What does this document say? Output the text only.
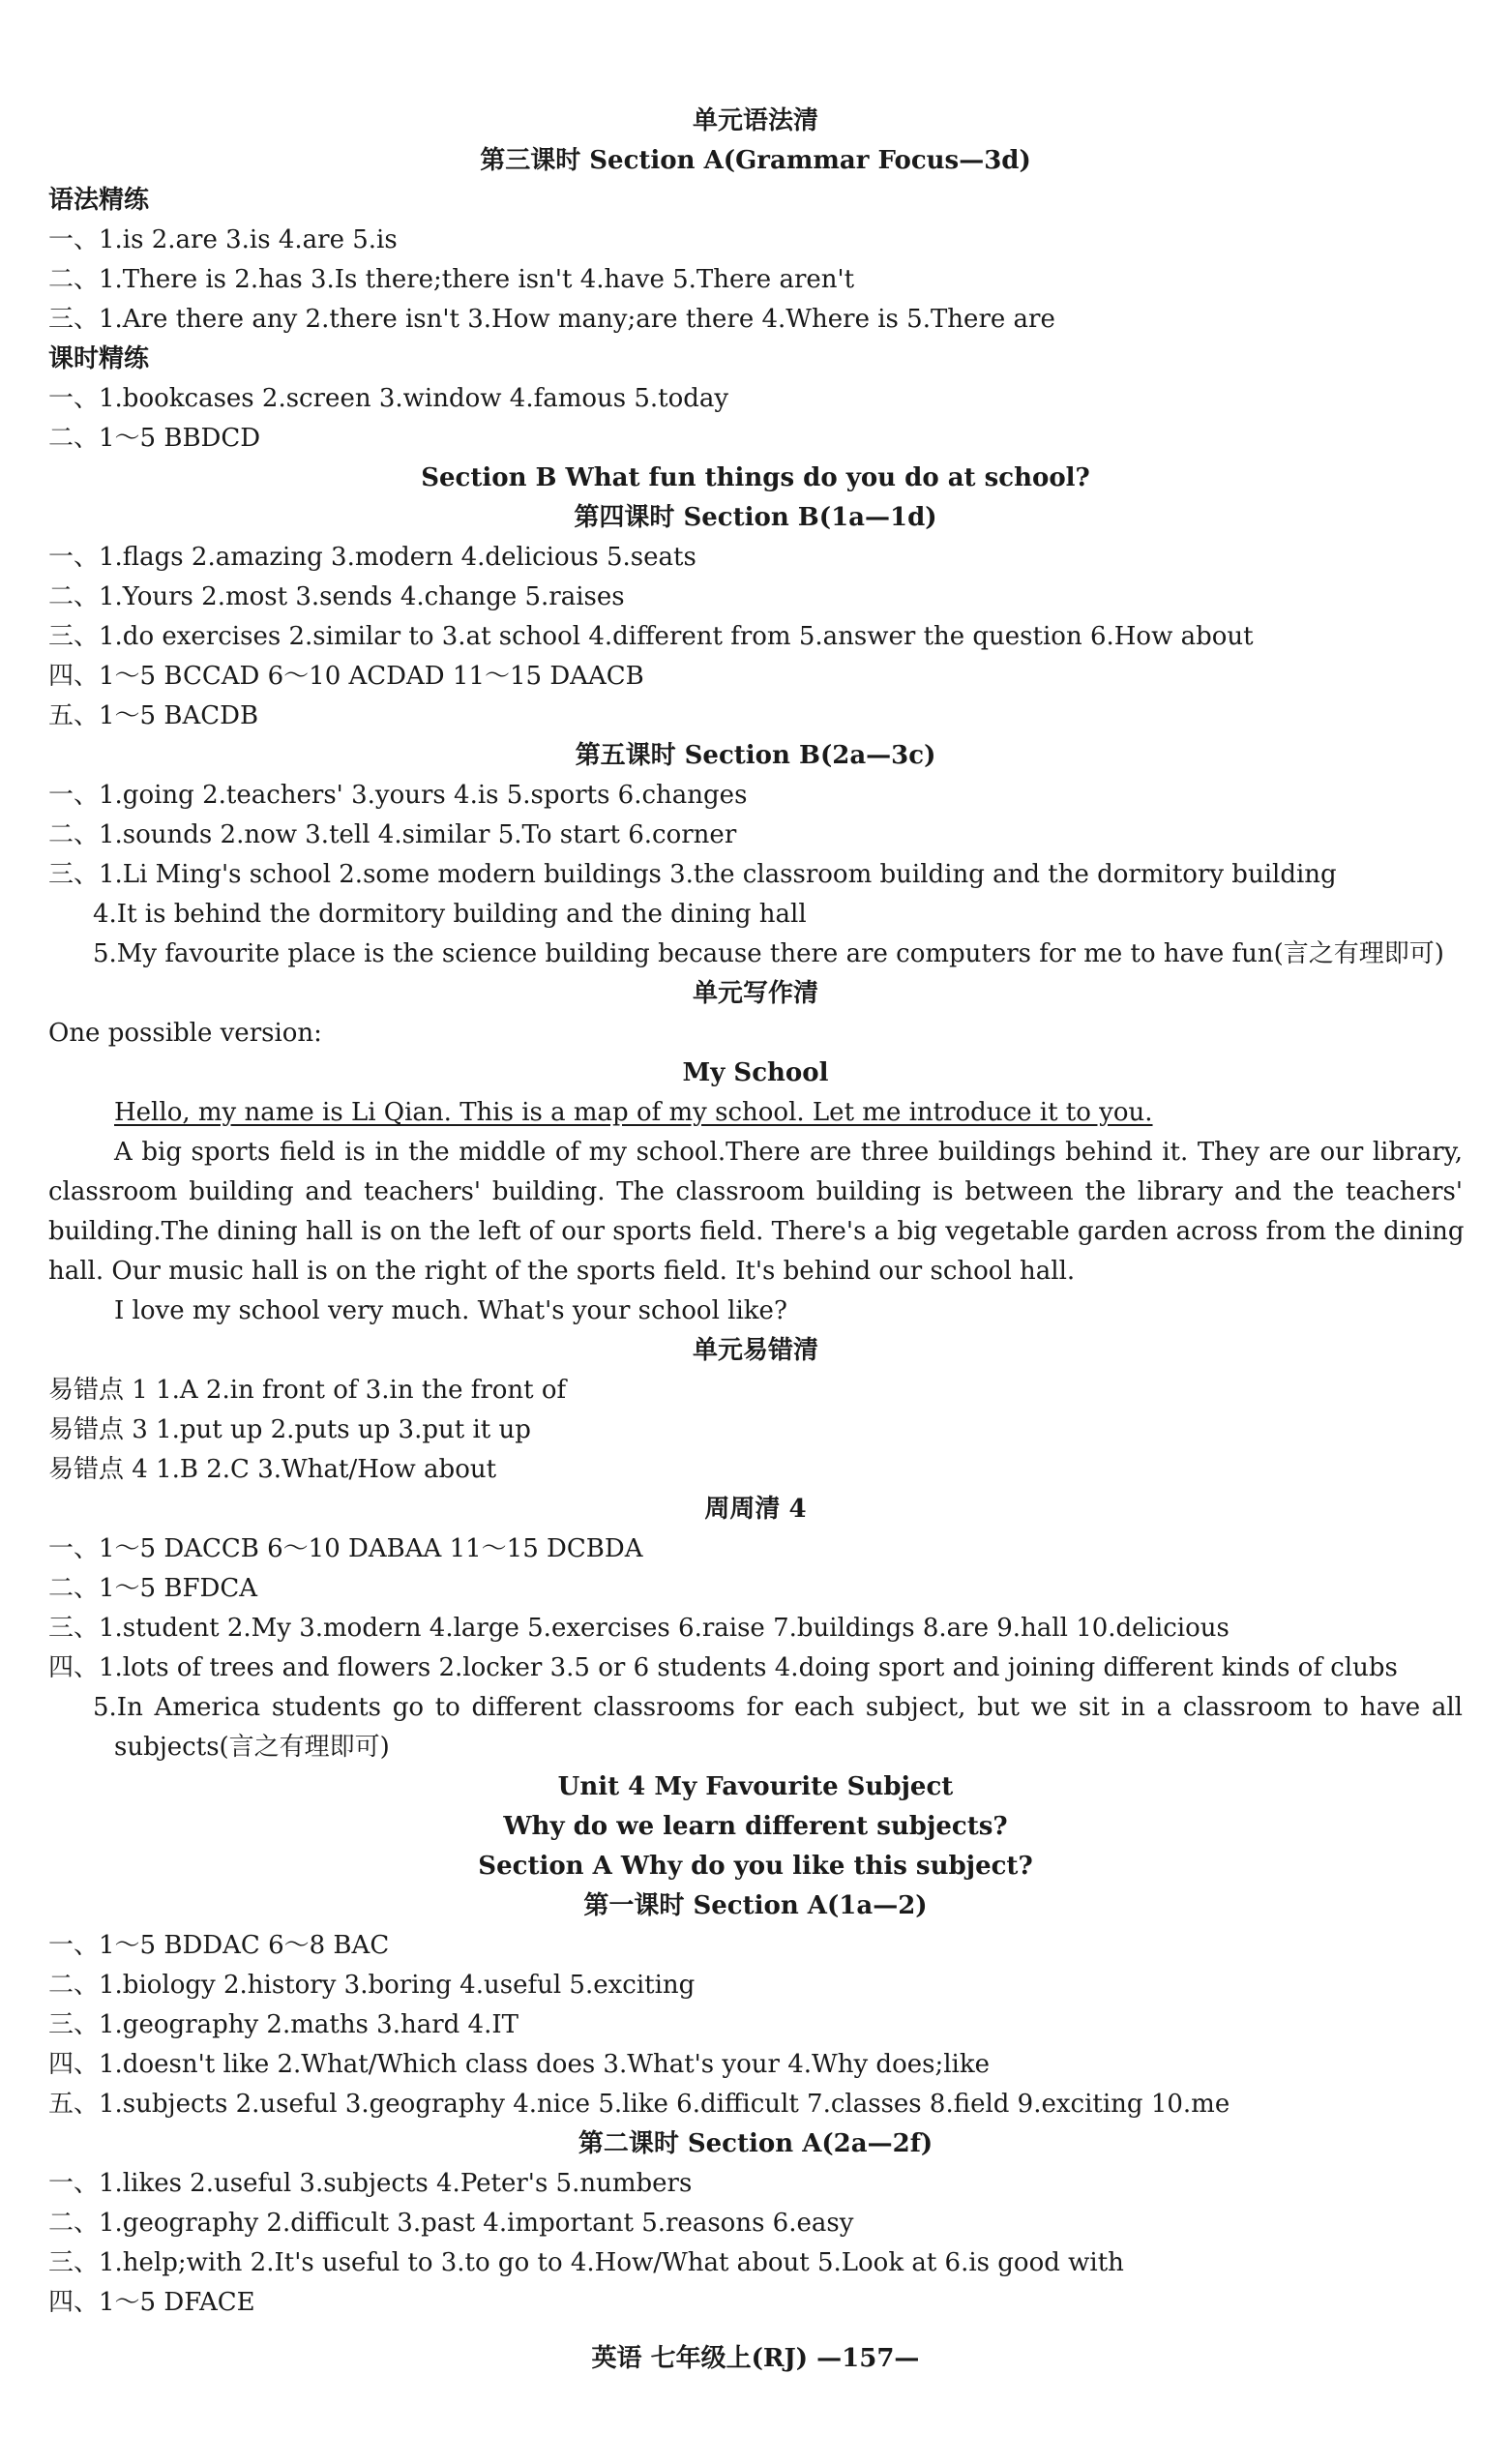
单元语法清
第三课时 Section A(Grammar Focus—3d)
语法精练
一、1.is 2.are 3.is 4.are 5.is
二、1.There is 2.has 3.Is there;there isn't 4.have 5.There aren't
三、1.Are there any 2.there isn't 3.How many;are there 4.Where is 5.There are
课时精练
一、1.bookcases 2.screen 3.window 4.famous 5.today
二、1～5 BBDCD
Section B What fun things do you do at school?
第四课时 Section B(1a—1d)
一、1.flags 2.amazing 3.modern 4.delicious 5.seats
二、1.Yours 2.most 3.sends 4.change 5.raises
三、1.do exercises 2.similar to 3.at school 4.different from 5.answer the question 6.How about
四、1～5 BCCAD 6～10 ACDAD 11～15 DAACB
五、1～5 BACDB
第五课时 Section B(2a—3c)
一、1.going 2.teachers' 3.yours 4.is 5.sports 6.changes
二、1.sounds 2.now 3.tell 4.similar 5.To start 6.corner
三、1.Li Ming's school 2.some modern buildings 3.the classroom building and the dormitory building
4.It is behind the dormitory building and the dining hall
5.My favourite place is the science building because there are computers for me to have fun(言之有理即可)
单元写作清
One possible version:
My School
Hello, my name is Li Qian. This is a map of my school. Let me introduce it to you.
A big sports field is in the middle of my school.There are three buildings behind it. They are our library,
classroom building and teachers' building. The classroom building is between the library and the teachers'
building.The dining hall is on the left of our sports field. There's a big vegetable garden across from the dining
hall. Our music hall is on the right of the sports field. It's behind our school hall.
I love my school very much. What's your school like?
单元易错清
易错点 1 1.A 2.in front of 3.in the front of
易错点 3 1.put up 2.puts up 3.put it up
易错点 4 1.B 2.C 3.What/How about
周周清 4
一、1～5 DACCB 6～10 DABAA 11～15 DCBDA
二、1～5 BFDCA
三、1.student 2.My 3.modern 4.large 5.exercises 6.raise 7.buildings 8.are 9.hall 10.delicious
四、1.lots of trees and flowers 2.locker 3.5 or 6 students 4.doing sport and joining different kinds of clubs
5.In America students go to different classrooms for each subject, but we sit in a classroom to have all
subjects(言之有理即可)
Unit 4 My Favourite Subject
Why do we learn different subjects?
Section A Why do you like this subject?
第一课时 Section A(1a—2)
一、1～5 BDDAC 6～8 BAC
二、1.biology 2.history 3.boring 4.useful 5.exciting
三、1.geography 2.maths 3.hard 4.IT
四、1.doesn't like 2.What/Which class does 3.What's your 4.Why does;like
五、1.subjects 2.useful 3.geography 4.nice 5.like 6.difficult 7.classes 8.field 9.exciting 10.me
第二课时 Section A(2a—2f)
一、1.likes 2.useful 3.subjects 4.Peter's 5.numbers
二、1.geography 2.difficult 3.past 4.important 5.reasons 6.easy
三、1.help;with 2.It's useful to 3.to go to 4.How/What about 5.Look at 6.is good with
四、1～5 DFACE
英语 七年级上(RJ) —157—
